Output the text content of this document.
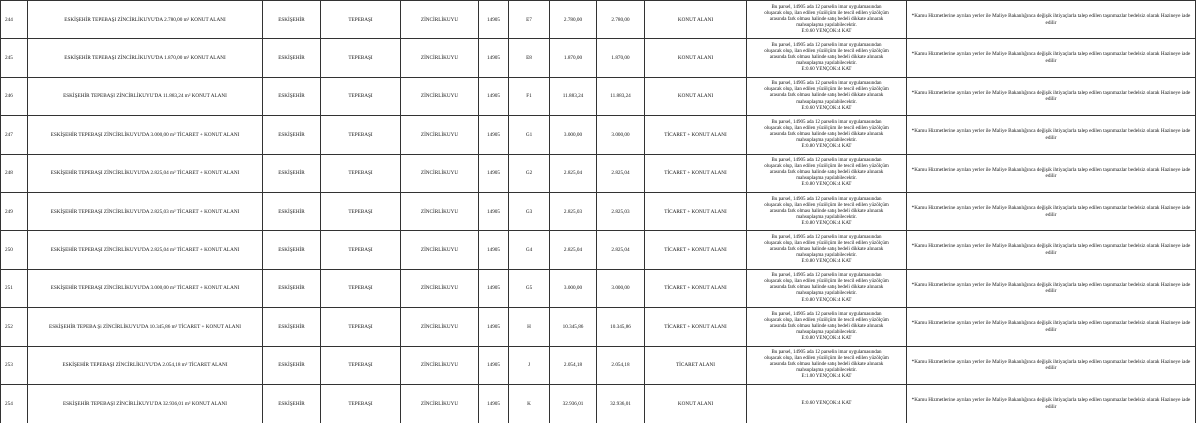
244	ESKİŞEHİR TEPEBAŞI ZİNCİRLİKUYU'DA 2.780,00 m² KONUT ALANI	ESKİŞEHİR	TEPEBAŞI	ZİNCİRLİKUYU	14905	E7	2.780,00	2.780,00	KONUT ALANI	Bu parsel, 14905 ada 12 parselin imar uygulamasından
oluşacak olup, ilan edilen yüzölçüm ile tescil edilen yüzölçüm
arasında fark olması halinde satış bedeli dikkate alınarak
mahsuplaşma yapılabilecektir.
E:0.60 YENÇOK:4 KAT	*Kamu Hizmetlerine ayrılan yerler ile Maliye Bakanlığınca değişik ihtiyaçlarla talep edilen taşınmazlar bedelsiz olarak Hazineye iade
edilir

245	ESKİŞEHİR TEPEBAŞI ZİNCİRLİKUYU'DA 1.870,00 m² KONUT ALANI	ESKİŞEHİR	TEPEBAŞI	ZİNCİRLİKUYU	14905	E8	1.870,00	1.870,00	KONUT ALANI	Bu parsel, 14905 ada 12 parselin imar uygulamasından
oluşacak olup, ilan edilen yüzölçüm ile tescil edilen yüzölçüm
arasında fark olması halinde satış bedeli dikkate alınarak
mahsuplaşma yapılabilecektir.
E:0.60 YENÇOK:4 KAT	*Kamu Hizmetlerine ayrılan yerler ile Maliye Bakanlığınca değişik ihtiyaçlarla talep edilen taşınmazlar bedelsiz olarak Hazineye iade
edilir

246	ESKİŞEHİR TEPEBAŞI ZİNCİRLİKUYU'DA 11.883,24 m² KONUT ALANI	ESKİŞEHİR	TEPEBAŞI	ZİNCİRLİKUYU	14905	F1	11.883,24	11.883,24	KONUT ALANI	Bu parsel, 14905 ada 12 parselin imar uygulamasından
oluşacak olup, ilan edilen yüzölçüm ile tescil edilen yüzölçüm
arasında fark olması halinde satış bedeli dikkate alınarak
mahsuplaşma yapılabilecektir.
E:0.60 YENÇOK:4 KAT	*Kamu Hizmetlerine ayrılan yerler ile Maliye Bakanlığınca değişik ihtiyaçlarla talep edilen taşınmazlar bedelsiz olarak Hazineye iade
edilir

247	ESKİŞEHİR TEPEBAŞI ZİNCİRLİKUYU'DA 3.000,00 m² TİCARET + KONUT ALANI	ESKİŞEHİR	TEPEBAŞI	ZİNCİRLİKUYU	14905	G1	3.000,00	3.000,00	TİCARET + KONUT ALANI	Bu parsel, 14905 ada 12 parselin imar uygulamasından
oluşacak olup, ilan edilen yüzölçüm ile tescil edilen yüzölçüm
arasında fark olması halinde satış bedeli dikkate alınarak
mahsuplaşma yapılabilecektir.
E:0.80 YENÇOK:4 KAT	*Kamu Hizmetlerine ayrılan yerler ile Maliye Bakanlığınca değişik ihtiyaçlarla talep edilen taşınmazlar bedelsiz olarak Hazineye iade
edilir

248	ESKİŞEHİR TEPEBAŞI ZİNCİRLİKUYU'DA 2.825,04 m² TİCARET + KONUT ALANI	ESKİŞEHİR	TEPEBAŞI	ZİNCİRLİKUYU	14905	G2	2.825,04	2.825,04	TİCARET + KONUT ALANI	Bu parsel, 14905 ada 12 parselin imar uygulamasından
oluşacak olup, ilan edilen yüzölçüm ile tescil edilen yüzölçüm
arasında fark olması halinde satış bedeli dikkate alınarak
mahsuplaşma yapılabilecektir.
E:0.80 YENÇOK:4 KAT	*Kamu Hizmetlerine ayrılan yerler ile Maliye Bakanlığınca değişik ihtiyaçlarla talep edilen taşınmazlar bedelsiz olarak Hazineye iade
edilir

249	ESKİŞEHİR TEPEBAŞI ZİNCİRLİKUYU'DA 2.825,03 m² TİCARET + KONUT ALANI	ESKİŞEHİR	TEPEBAŞI	ZİNCİRLİKUYU	14905	G3	2.825,03	2.825,03	TİCARET + KONUT ALANI	Bu parsel, 14905 ada 12 parselin imar uygulamasından
oluşacak olup, ilan edilen yüzölçüm ile tescil edilen yüzölçüm
arasında fark olması halinde satış bedeli dikkate alınarak
mahsuplaşma yapılabilecektir.
E:0.80 YENÇOK:4 KAT	*Kamu Hizmetlerine ayrılan yerler ile Maliye Bakanlığınca değişik ihtiyaçlarla talep edilen taşınmazlar bedelsiz olarak Hazineye iade
edilir

250	ESKİŞEHİR TEPEBAŞI ZİNCİRLİKUYU'DA 2.825,04 m² TİCARET + KONUT ALANI	ESKİŞEHİR	TEPEBAŞI	ZİNCİRLİKUYU	14905	G4	2.825,04	2.825,04	TİCARET + KONUT ALANI	Bu parsel, 14905 ada 12 parselin imar uygulamasından
oluşacak olup, ilan edilen yüzölçüm ile tescil edilen yüzölçüm
arasında fark olması halinde satış bedeli dikkate alınarak
mahsuplaşma yapılabilecektir.
E:0.80 YENÇOK:4 KAT	*Kamu Hizmetlerine ayrılan yerler ile Maliye Bakanlığınca değişik ihtiyaçlarla talep edilen taşınmazlar bedelsiz olarak Hazineye iade
edilir

251	ESKİŞEHİR TEPEBAŞI ZİNCİRLİKUYU'DA 3.000,00 m² TİCARET + KONUT ALANI	ESKİŞEHİR	TEPEBAŞI	ZİNCİRLİKUYU	14905	G5	3.000,00	3.000,00	TİCARET + KONUT ALANI	Bu parsel, 14905 ada 12 parselin imar uygulamasından
oluşacak olup, ilan edilen yüzölçüm ile tescil edilen yüzölçüm
arasında fark olması halinde satış bedeli dikkate alınarak
mahsuplaşma yapılabilecektir.
E:0.80 YENÇOK:4 KAT	*Kamu Hizmetlerine ayrılan yerler ile Maliye Bakanlığınca değişik ihtiyaçlarla talep edilen taşınmazlar bedelsiz olarak Hazineye iade
edilir

252	ESKİŞEHİR TEPEBA Şi ZİNCİRLİKUYU'DA 10.345,86 m² TİCARET + KONUT ALANI	ESKİŞEHİR	TEPEBAŞI	ZİNCİRLİKUYU	14905	H	10.345,86	10.345,86	TİCARET + KONUT ALANI	Bu parsel, 14905 ada 12 parselin imar uygulamasından
oluşacak olup, ilan edilen yüzölçüm ile tescil edilen yüzölçüm
arasında fark olması halinde satış bedeli dikkate alınarak
mahsuplaşma yapılabilecektir.
E:0.80 YENÇOK:4 KAT	*Kamu Hizmetlerine ayrılan yerler ile Maliye Bakanlığınca değişik ihtiyaçlarla talep edilen taşınmazlar bedelsiz olarak Hazineye iade
edilir

253	ESKİŞEHİR TEPEBAŞI ZİNCİRLİKUYU'DA 2.054,18 m² TİCARET ALANI	ESKİŞEHİR	TEPEBAŞI	ZİNCİRLİKUYU	14905	J	2.054,18	2.054,18	TİCARET ALANI	Bu parsel, 14905 ada 12 parselin imar uygulamasından
oluşacak olup, ilan edilen yüzölçüm ile tescil edilen yüzölçüm
arasında fark olması halinde satış bedeli dikkate alınarak
mahsuplaşma yapılabilecektir.
E:1.00 YENÇOK:4 KAT	*Kamu Hizmetlerine ayrılan yerler ile Maliye Bakanlığınca değişik ihtiyaçlarla talep edilen taşınmazlar bedelsiz olarak Hazineye iade
edilir

254	ESKİŞEHİR TEPEBAŞI ZİNCİRLİKUYU'DA 32.936,01 m² KONUT ALANI	ESKİŞEHİR	TEPEBAŞI	ZİNCİRLİKUYU	14905	K	32.936,01	32.936,01	KONUT ALANI	E:0.60 YENÇOK:4 KAT	*Kamu Hizmetlerine ayrılan yerler ile Maliye Bakanlığınca değişik ihtiyaçlarla talep edilen taşınmazlar bedelsiz olarak Hazineye iade
edilir
